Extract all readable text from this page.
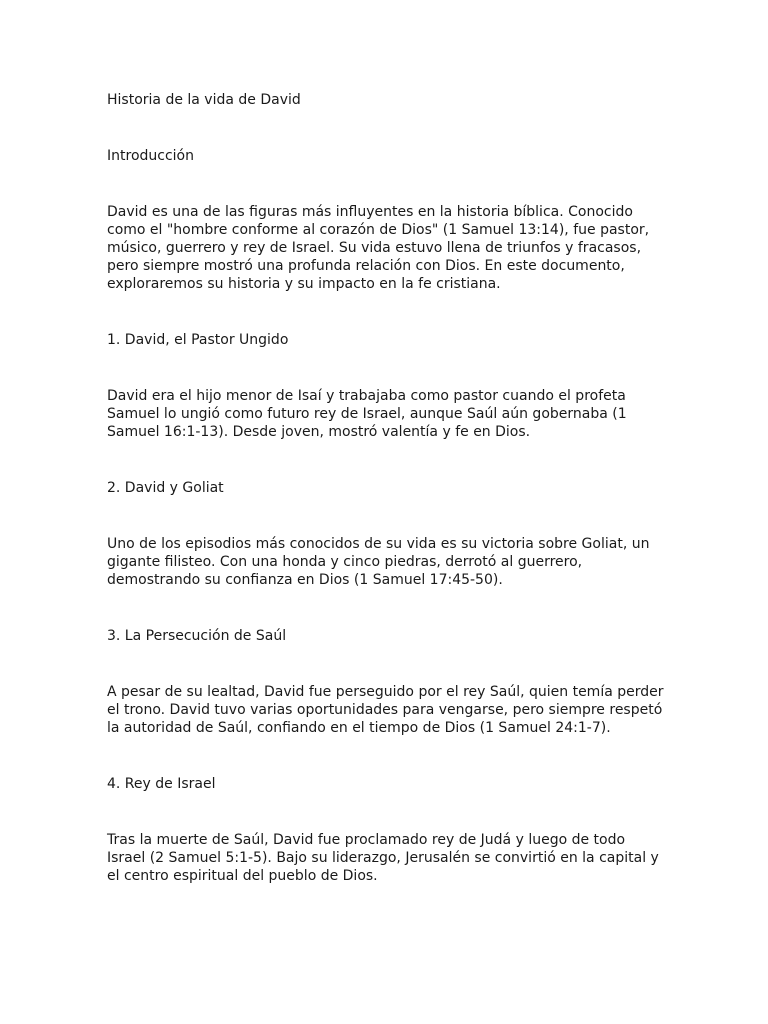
Historia de la vida de David

Introducción

David es una de las figuras más influyentes en la historia bíblica. Conocido como el "hombre conforme al corazón de Dios" (1 Samuel 13:14), fue pastor, músico, guerrero y rey de Israel. Su vida estuvo llena de triunfos y fracasos, pero siempre mostró una profunda relación con Dios. En este documento, exploraremos su historia y su impacto en la fe cristiana.

1. David, el Pastor Ungido

David era el hijo menor de Isaí y trabajaba como pastor cuando el profeta Samuel lo ungió como futuro rey de Israel, aunque Saúl aún gobernaba (1 Samuel 16:1-13). Desde joven, mostró valentía y fe en Dios.

2. David y Goliat

Uno de los episodios más conocidos de su vida es su victoria sobre Goliat, un gigante filisteo. Con una honda y cinco piedras, derrotó al guerrero, demostrando su confianza en Dios (1 Samuel 17:45-50).

3. La Persecución de Saúl

A pesar de su lealtad, David fue perseguido por el rey Saúl, quien temía perder el trono. David tuvo varias oportunidades para vengarse, pero siempre respetó la autoridad de Saúl, confiando en el tiempo de Dios (1 Samuel 24:1-7).

4. Rey de Israel

Tras la muerte de Saúl, David fue proclamado rey de Judá y luego de todo Israel (2 Samuel 5:1-5). Bajo su liderazgo, Jerusalén se convirtió en la capital y el centro espiritual del pueblo de Dios.
